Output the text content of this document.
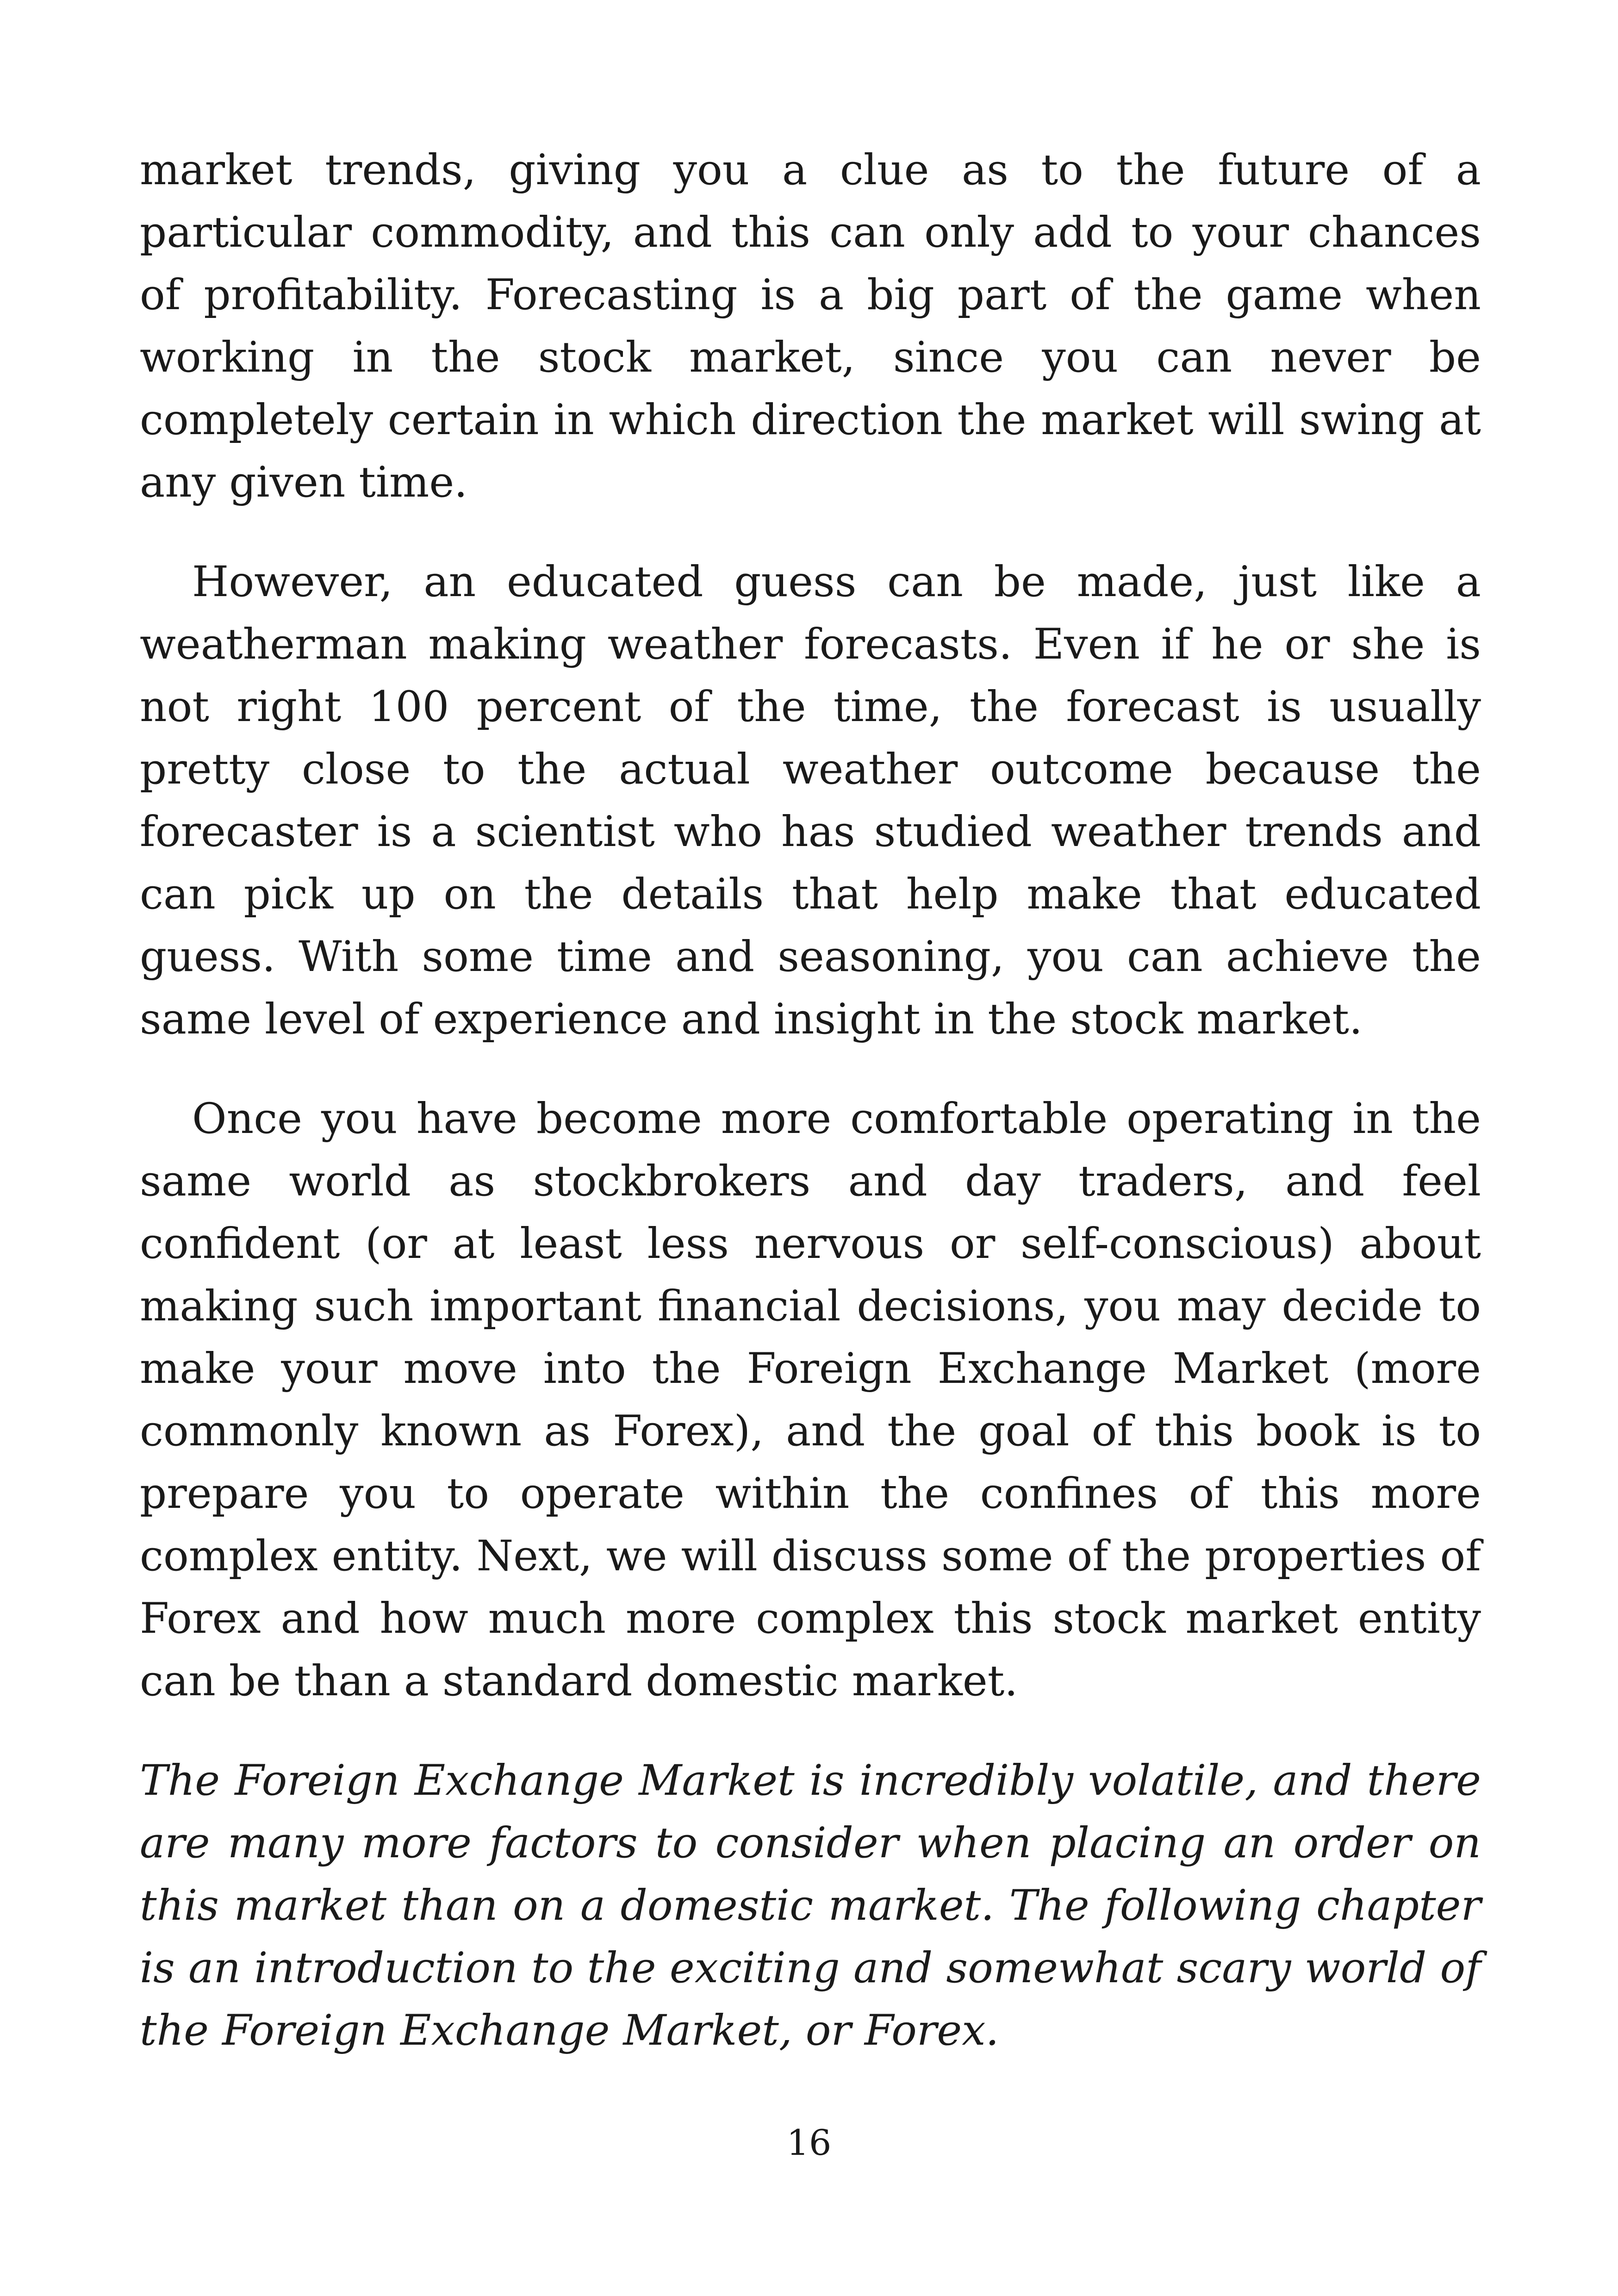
market trends, giving you a clue as to the future of a particular commodity, and this can only add to your chances of profitability. Forecasting is a big part of the game when working in the stock market, since you can never be completely certain in which direction the market will swing at any given time.

However, an educated guess can be made, just like a weatherman making weather forecasts. Even if he or she is not right 100 percent of the time, the forecast is usually pretty close to the actual weather outcome because the forecaster is a scientist who has studied weather trends and can pick up on the details that help make that educated guess. With some time and seasoning, you can achieve the same level of experience and insight in the stock market.

Once you have become more comfortable operating in the same world as stockbrokers and day traders, and feel confident (or at least less nervous or self-conscious) about making such important financial decisions, you may decide to make your move into the Foreign Exchange Market (more commonly known as Forex), and the goal of this book is to prepare you to operate within the confines of this more complex entity. Next, we will discuss some of the properties of Forex and how much more complex this stock market entity can be than a standard domestic market.

The Foreign Exchange Market is incredibly volatile, and there are many more factors to consider when placing an order on this market than on a domestic market. The following chapter is an introduction to the exciting and somewhat scary world of the Foreign Exchange Market, or Forex.

16
